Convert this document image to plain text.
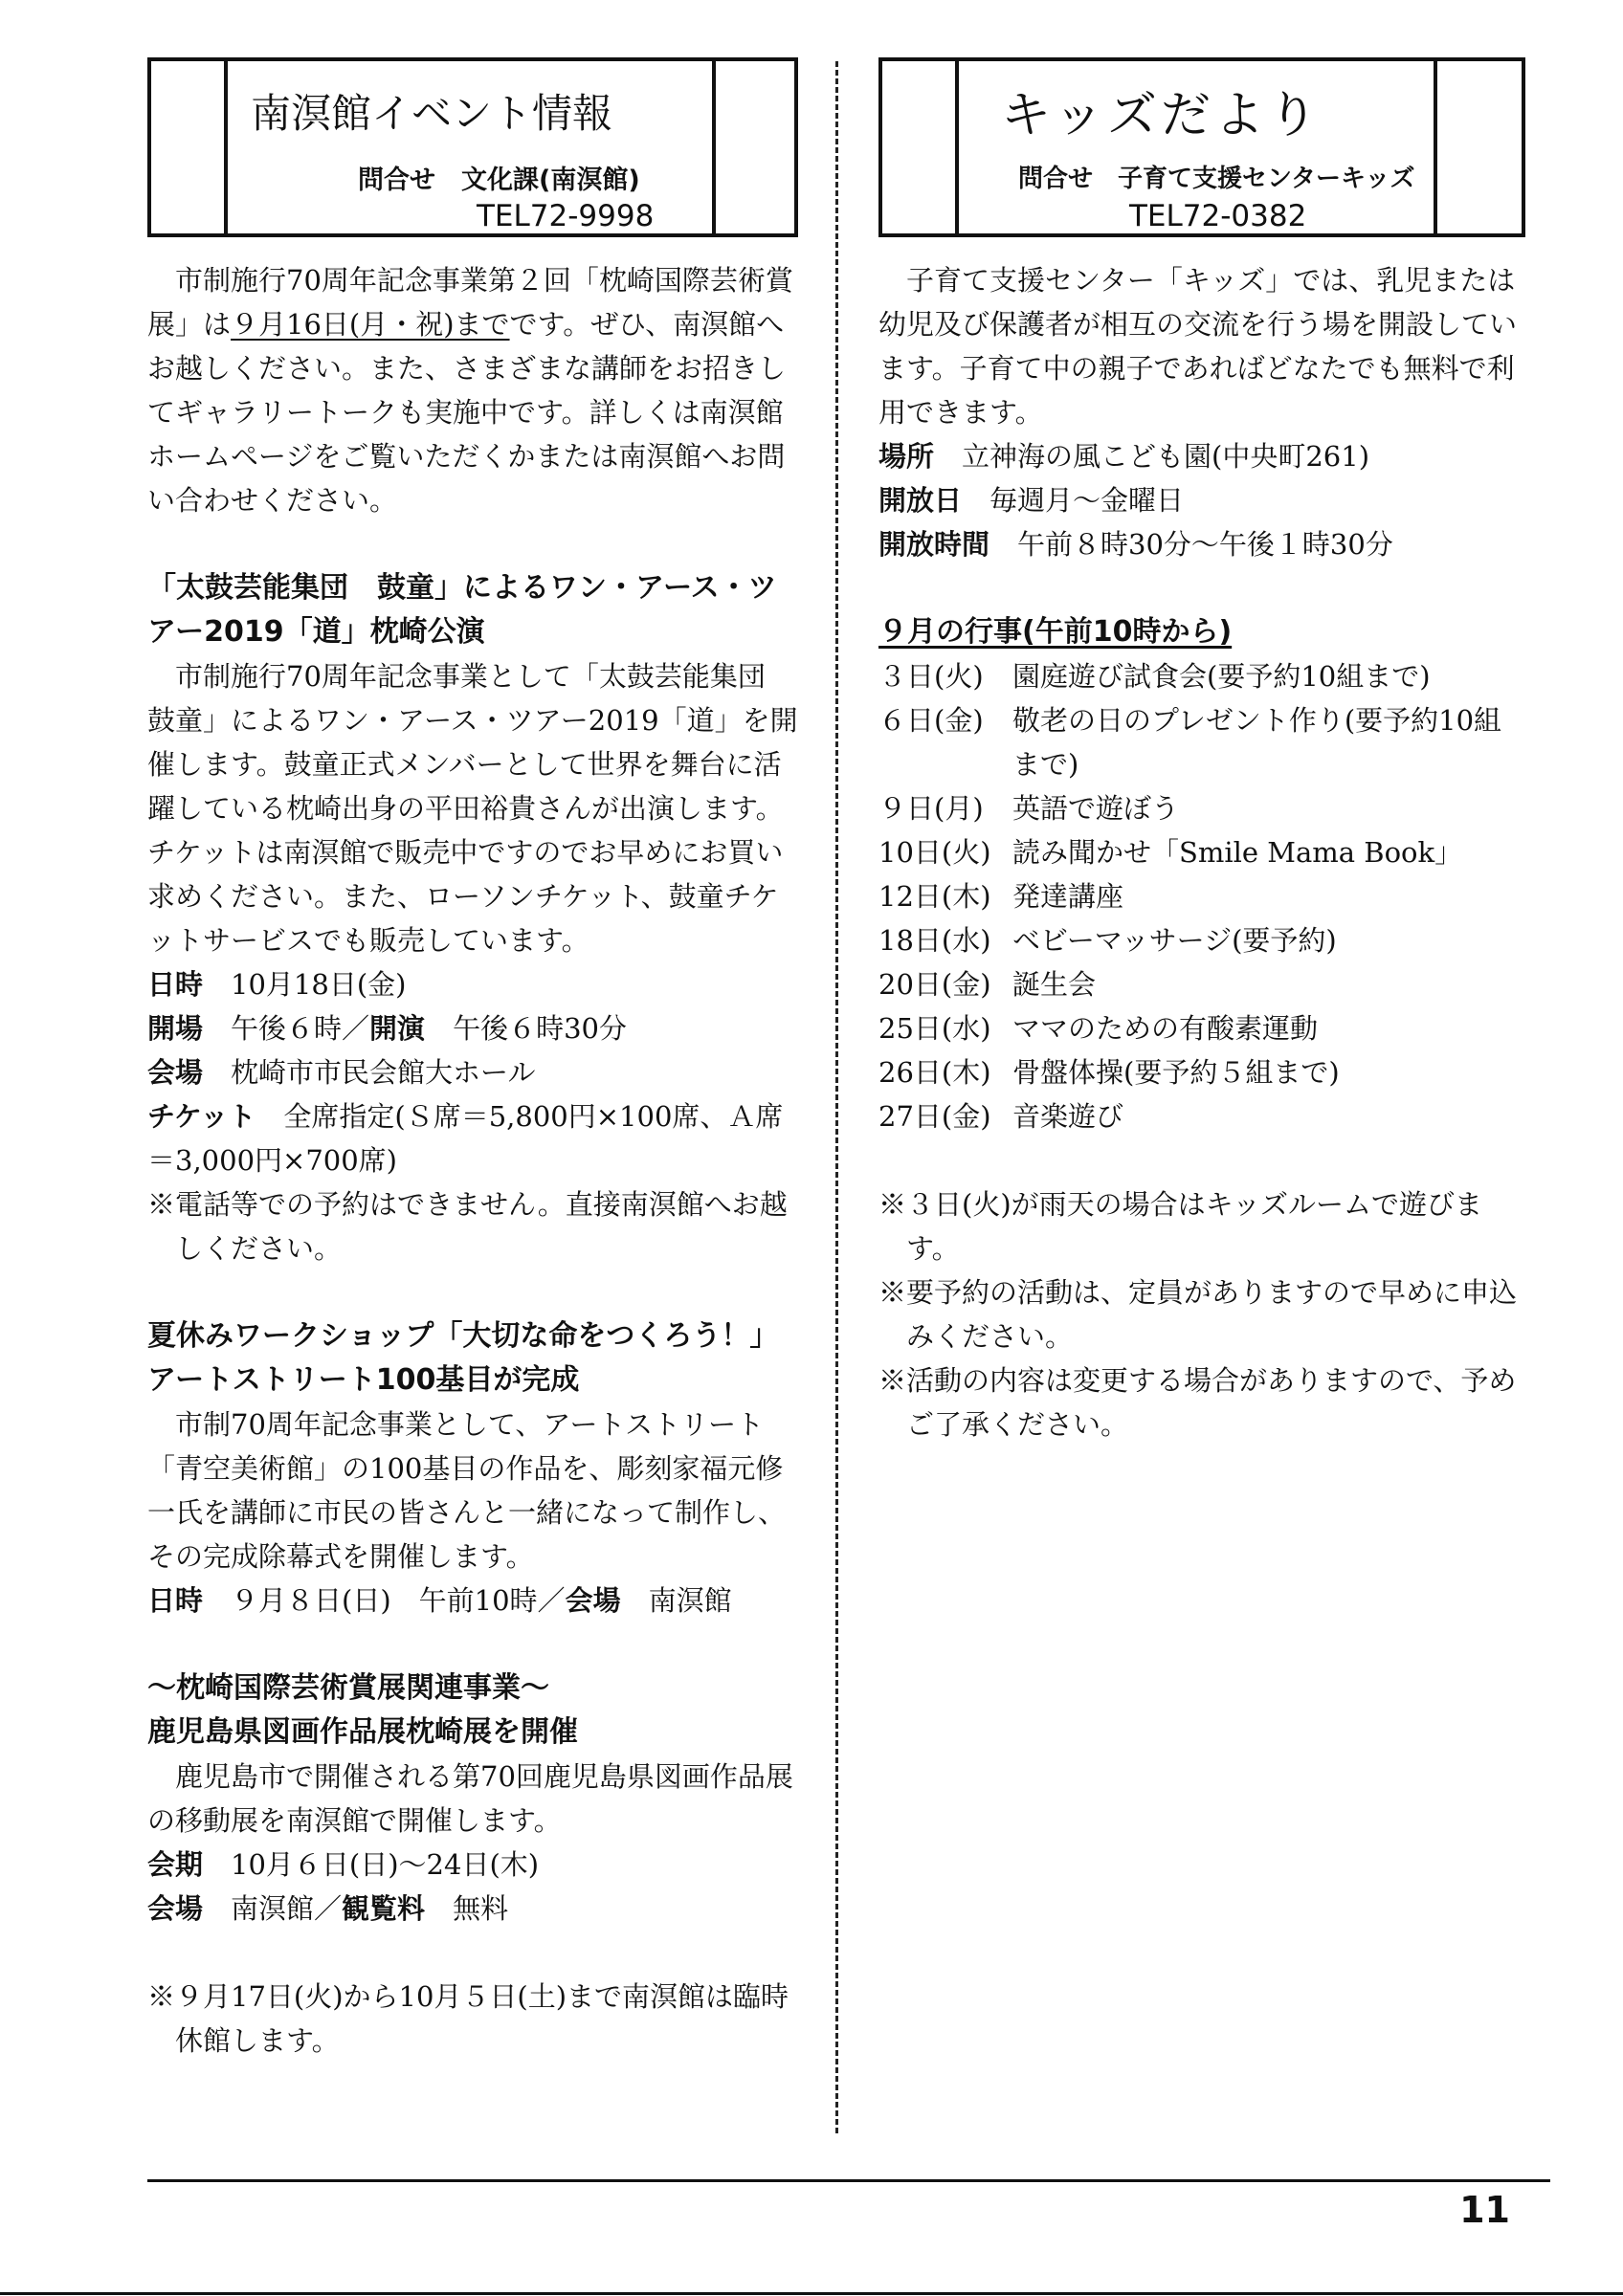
南溟館イベント情報
問合せ　文化課(南溟館)
TEL72-9998

市制施行70周年記念事業第２回「枕崎国際芸術賞展」は９月16日(月・祝)までです。ぜひ、南溟館へお越しください。また、さまざまな講師をお招きしてギャラリートークも実施中です。詳しくは南溟館ホームページをご覧いただくかまたは南溟館へお問い合わせください。

「太鼓芸能集団　鼓童」によるワン・アース・ツアー2019「道」枕崎公演

市制施行70周年記念事業として「太鼓芸能集団　鼓童」によるワン・アース・ツアー2019「道」を開催します。鼓童正式メンバーとして世界を舞台に活躍している枕崎出身の平田裕貴さんが出演します。チケットは南溟館で販売中ですのでお早めにお買い求めください。また、ローソンチケット、鼓童チケットサービスでも販売しています。

日時　 10月18日(金)

開場　 午後６時／開演　 午後６時30分

会場　 枕崎市市民会館大ホール

チケット　 全席指定(Ｓ席＝5,800円×100席、Ａ席＝3,000円×700席)

※電話等での予約はできません。直接南溟館へお越しください。

夏休みワークショップ「大切な命をつくろう！」アートストリート100基目が完成

市制70周年記念事業として、アートストリート「青空美術館」の100基目の作品を、彫刻家福元修一氏を講師に市民の皆さんと一緒になって制作し、その完成除幕式を開催します。

日時　 ９月８日(日)　午前10時／会場　 南溟館

～枕崎国際芸術賞展関連事業～

鹿児島県図画作品展枕崎展を開催

鹿児島市で開催される第70回鹿児島県図画作品展の移動展を南溟館で開催します。

会期　 10月６日(日)～24日(木)

会場　 南溟館／観覧料　 無料

※９月17日(火)から10月５日(土)まで南溟館は臨時休館します。

キッズだより
問合せ　子育て支援センターキッズ
TEL72-0382

子育て支援センター「キッズ」では、乳児または幼児及び保護者が相互の交流を行う場を開設しています。子育て中の親子であればどなたでも無料で利用できます。

場所　 立神海の風こども園(中央町261)

開放日　 毎週月～金曜日

開放時間　 午前８時30分～午後１時30分

９月の行事(午前10時から)

３日(火)	園庭遊び試食会(要予約10組まで)
６日(金)	敬老の日のプレゼント作り(要予約10組まで)
９日(月)	英語で遊ぼう
10日(火)	読み聞かせ「Smile Mama Book」
12日(木)	発達講座
18日(水)	ベビーマッサージ(要予約)
20日(金)	誕生会
25日(水)	ママのための有酸素運動
26日(木)	骨盤体操(要予約５組まで)
27日(金)	音楽遊び

※３日(火)が雨天の場合はキッズルームで遊びます。

※要予約の活動は、定員がありますので早めに申込みください。

※活動の内容は変更する場合がありますので、予めご了承ください。

11
